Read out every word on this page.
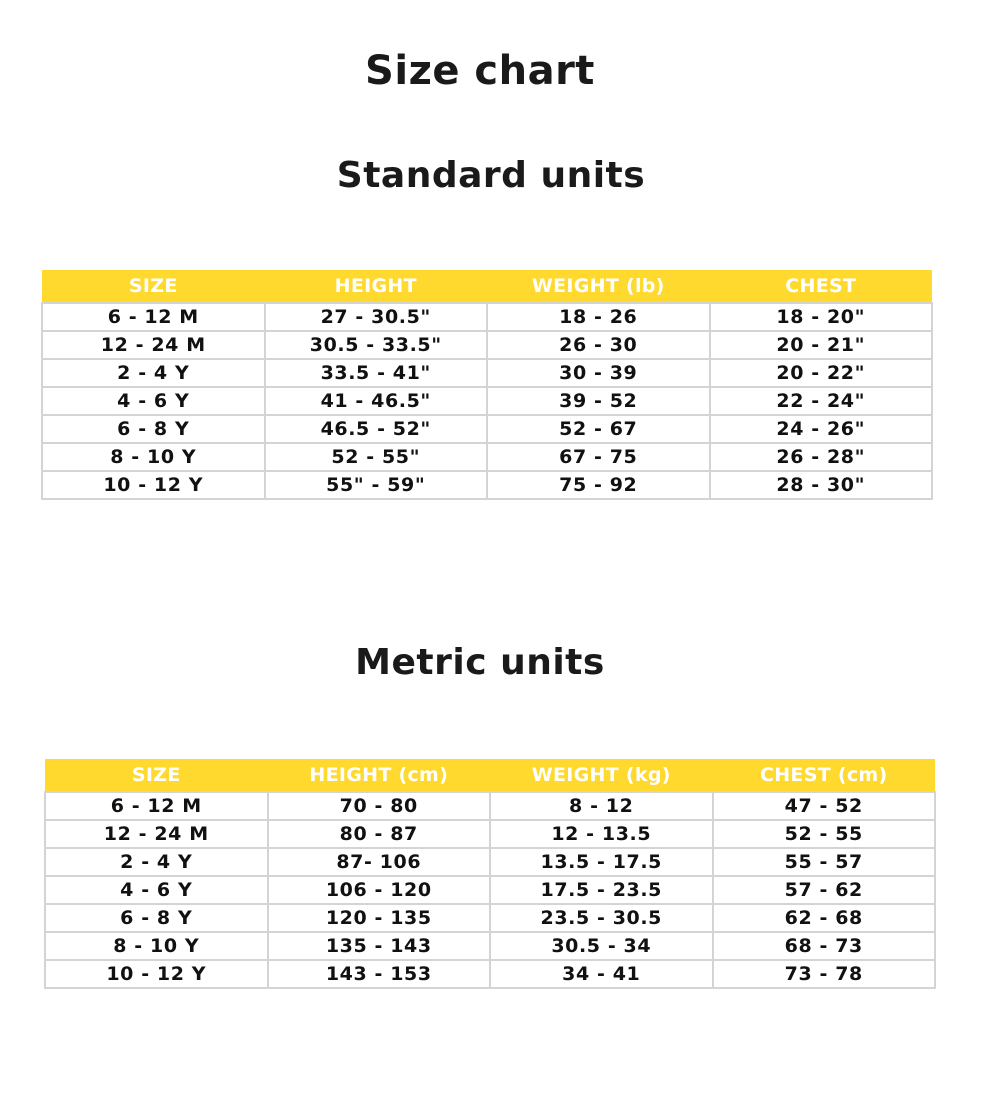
Size chart
Standard units
SIZE	HEIGHT	WEIGHT (lb)	CHEST
6 - 12 M	27 - 30.5"	18 - 26	18 - 20"
12 - 24 M	30.5 - 33.5"	26 - 30	20 - 21"
2 - 4 Y	33.5 - 41"	30 - 39	20 - 22"
4 - 6 Y	41 - 46.5"	39 - 52	22 - 24"
6 - 8 Y	46.5 - 52"	52 - 67	24 - 26"
8 - 10 Y	52 - 55"	67 - 75	26 - 28"
10 - 12 Y	55" - 59"	75 - 92	28 - 30"
Metric units
SIZE	HEIGHT (cm)	WEIGHT (kg)	CHEST (cm)
6 - 12 M	70 - 80	8 - 12	47 - 52
12 - 24 M	80 - 87	12 - 13.5	52 - 55
2 - 4 Y	87- 106	13.5 - 17.5	55 - 57
4 - 6 Y	106 - 120	17.5 - 23.5	57 - 62
6 - 8 Y	120 - 135	23.5 - 30.5	62 - 68
8 - 10 Y	135 - 143	30.5 - 34	68 - 73
10 - 12 Y	143 - 153	34 - 41	73 - 78
